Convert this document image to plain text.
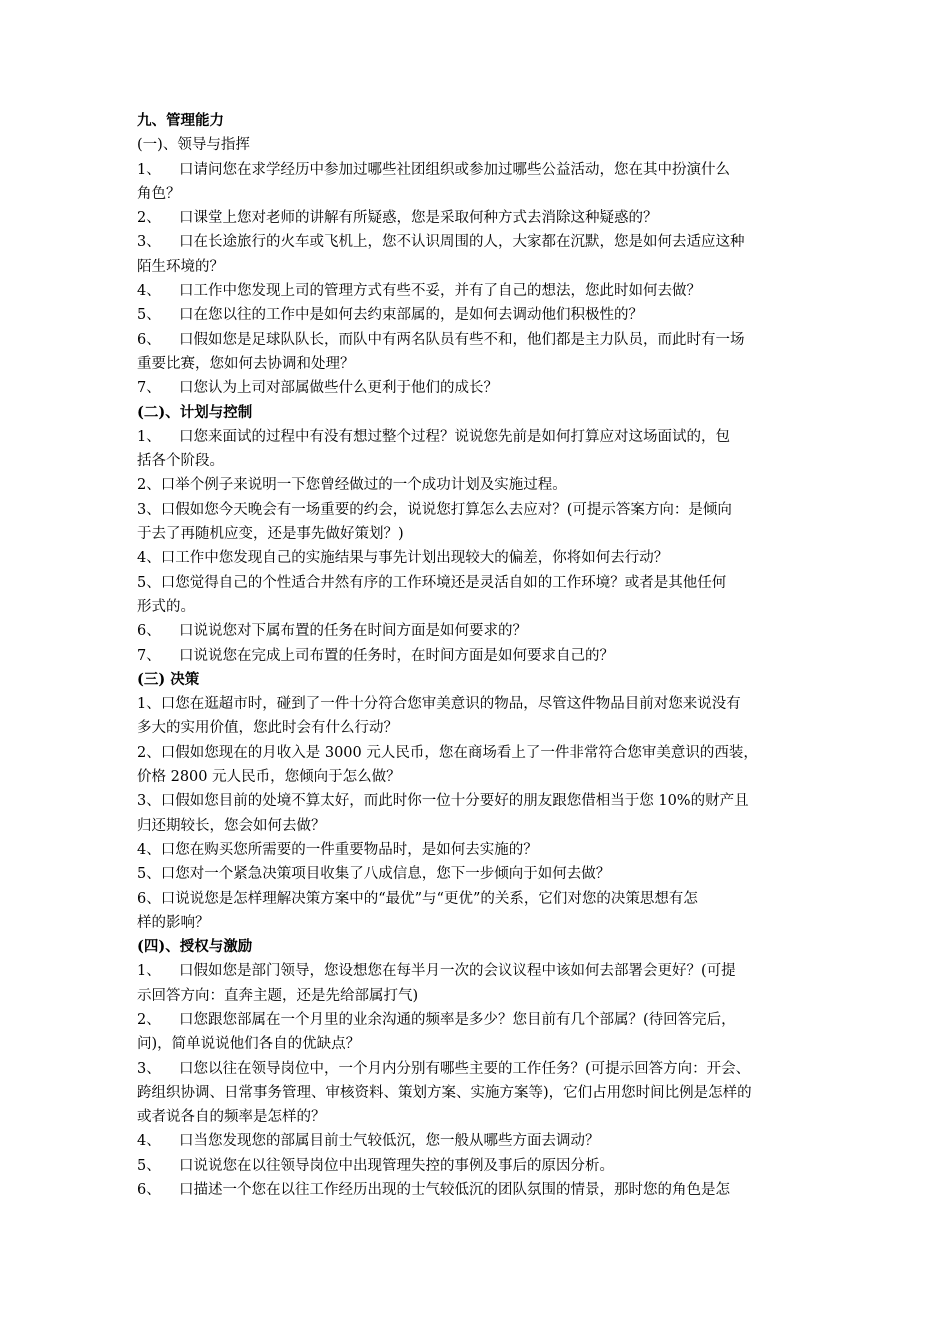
九、管理能力
(一)、领导与指挥
1、 口请问您在求学经历中参加过哪些社团组织或参加过哪些公益活动，您在其中扮演什么
角色？
2、 口课堂上您对老师的讲解有所疑惑，您是采取何种方式去消除这种疑惑的？
3、 口在长途旅行的火车或飞机上，您不认识周围的人，大家都在沉默，您是如何去适应这种
陌生环境的？
4、 口工作中您发现上司的管理方式有些不妥，并有了自己的想法，您此时如何去做？
5、 口在您以往的工作中是如何去约束部属的，是如何去调动他们积极性的？
6、 口假如您是足球队队长，而队中有两名队员有些不和，他们都是主力队员，而此时有一场
重要比赛，您如何去协调和处理？
7、 口您认为上司对部属做些什么更利于他们的成长？
(二)、计划与控制
1、 口您来面试的过程中有没有想过整个过程？说说您先前是如何打算应对这场面试的，包
括各个阶段。
2、口举个例子来说明一下您曾经做过的一个成功计划及实施过程。
3、口假如您今天晚会有一场重要的约会，说说您打算怎么去应对？(可提示答案方向：是倾向
于去了再随机应变，还是事先做好策划？)
4、口工作中您发现自己的实施结果与事先计划出现较大的偏差，你将如何去行动？
5、口您觉得自己的个性适合井然有序的工作环境还是灵活自如的工作环境？或者是其他任何
形式的。
6、 口说说您对下属布置的任务在时间方面是如何要求的？
7、 口说说您在完成上司布置的任务时，在时间方面是如何要求自己的？
(三) 决策
1、口您在逛超市时，碰到了一件十分符合您审美意识的物品，尽管这件物品目前对您来说没有
多大的实用价值，您此时会有什么行动？
2、口假如您现在的月收入是 3000 元人民币，您在商场看上了一件非常符合您审美意识的西装，
价格 2800 元人民币，您倾向于怎么做？
3、口假如您目前的处境不算太好，而此时你一位十分要好的朋友跟您借相当于您 10%的财产且
归还期较长，您会如何去做？
4、口您在购买您所需要的一件重要物品时，是如何去实施的？
5、口您对一个紧急决策项目收集了八成信息，您下一步倾向于如何去做？
6、口说说您是怎样理解决策方案中的“最优”与“更优”的关系，它们对您的决策思想有怎
样的影响？
(四)、授权与激励
1、 口假如您是部门领导，您设想您在每半月一次的会议议程中该如何去部署会更好？(可提
示回答方向：直奔主题，还是先给部属打气)
2、 口您跟您部属在一个月里的业余沟通的频率是多少？您目前有几个部属？(待回答完后，
问)，简单说说他们各自的优缺点？
3、 口您以往在领导岗位中，一个月内分别有哪些主要的工作任务？(可提示回答方向：开会、
跨组织协调、日常事务管理、审核资料、策划方案、实施方案等)，它们占用您时间比例是怎样的
或者说各自的频率是怎样的？
4、 口当您发现您的部属目前士气较低沉，您一般从哪些方面去调动？
5、 口说说您在以往领导岗位中出现管理失控的事例及事后的原因分析。
6、 口描述一个您在以往工作经历出现的士气较低沉的团队氛围的情景，那时您的角色是怎
